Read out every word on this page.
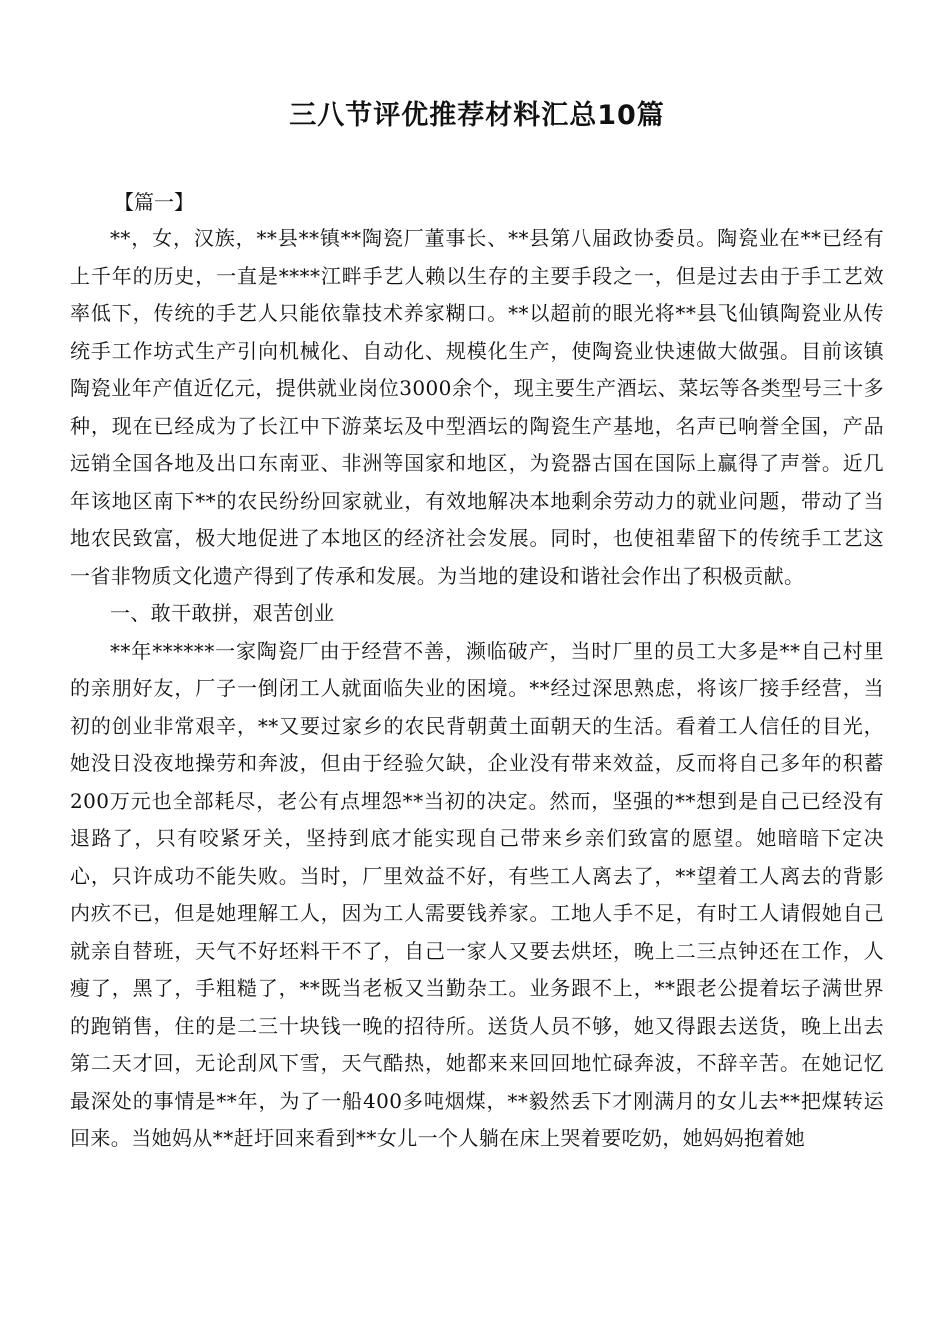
三八节评优推荐材料汇总10篇

【篇一】

**，女，汉族，**县**镇**陶瓷厂董事长、**县第八届政协委员。陶瓷业在**已经有上千年的历史，一直是****江畔手艺人赖以生存的主要手段之一，但是过去由于手工艺效率低下，传统的手艺人只能依靠技术养家糊口。**以超前的眼光将**县飞仙镇陶瓷业从传统手工作坊式生产引向机械化、自动化、规模化生产，使陶瓷业快速做大做强。目前该镇陶瓷业年产值近亿元，提供就业岗位3000余个，现主要生产酒坛、菜坛等各类型号三十多种，现在已经成为了长江中下游菜坛及中型酒坛的陶瓷生产基地，名声已响誉全国，产品远销全国各地及出口东南亚、非洲等国家和地区，为瓷器古国在国际上赢得了声誉。近几年该地区南下**的农民纷纷回家就业，有效地解决本地剩余劳动力的就业问题，带动了当地农民致富，极大地促进了本地区的经济社会发展。同时，也使祖辈留下的传统手工艺这一省非物质文化遗产得到了传承和发展。为当地的建设和谐社会作出了积极贡献。

一、敢干敢拼，艰苦创业

**年******一家陶瓷厂由于经营不善，濒临破产，当时厂里的员工大多是**自己村里的亲朋好友，厂子一倒闭工人就面临失业的困境。**经过深思熟虑，将该厂接手经营，当初的创业非常艰辛，**又要过家乡的农民背朝黄土面朝天的生活。看着工人信任的目光，她没日没夜地操劳和奔波，但由于经验欠缺，企业没有带来效益，反而将自己多年的积蓄200万元也全部耗尽，老公有点埋怨**当初的决定。然而，坚强的**想到是自己已经没有退路了，只有咬紧牙关，坚持到底才能实现自己带来乡亲们致富的愿望。她暗暗下定决心，只许成功不能失败。当时，厂里效益不好，有些工人离去了，**望着工人离去的背影内疚不已，但是她理解工人，因为工人需要钱养家。工地人手不足，有时工人请假她自己就亲自替班，天气不好坯料干不了，自己一家人又要去烘坯，晚上二三点钟还在工作，人瘦了，黑了，手粗糙了，**既当老板又当勤杂工。业务跟不上，**跟老公提着坛子满世界的跑销售，住的是二三十块钱一晚的招待所。送货人员不够，她又得跟去送货，晚上出去第二天才回，无论刮风下雪，天气酷热，她都来来回回地忙碌奔波，不辞辛苦。在她记忆最深处的事情是**年，为了一船400多吨烟煤，**毅然丢下才刚满月的女儿去**把煤转运回来。当她妈从**赶圩回来看到**女儿一个人躺在床上哭着要吃奶，她妈妈抱着她
